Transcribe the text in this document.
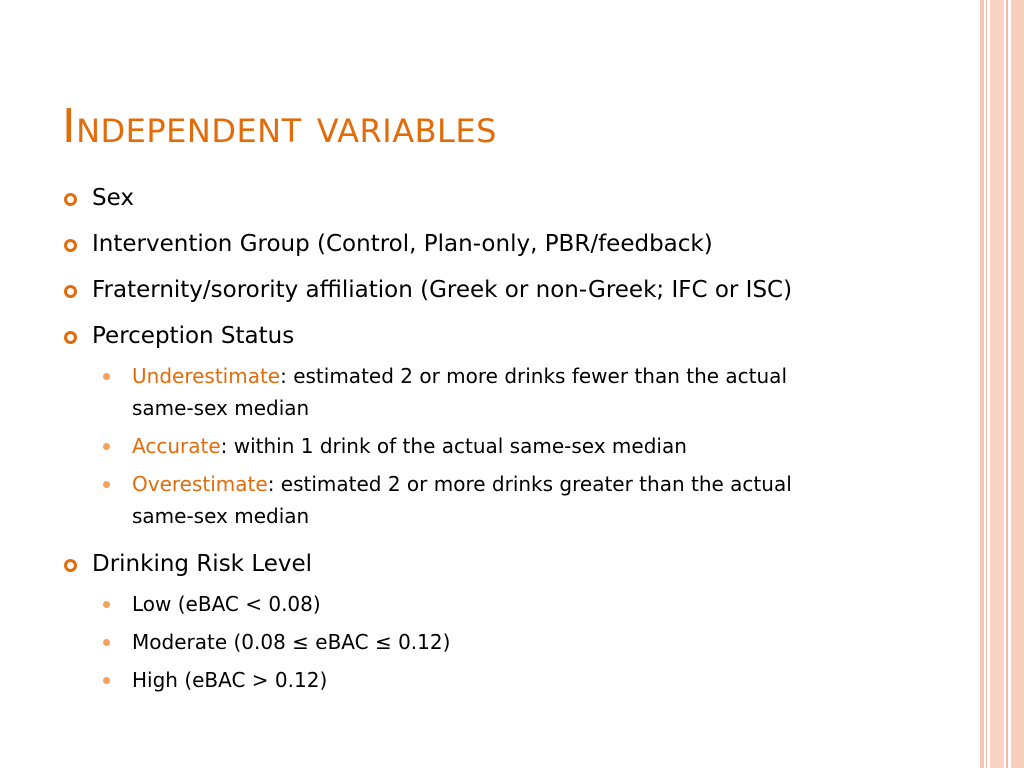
Independent variables
Sex
Intervention Group (Control, Plan-only, PBR/feedback)
Fraternity/sorority affiliation (Greek or non-Greek; IFC or ISC)
Perception Status
Underestimate: estimated 2 or more drinks fewer than the actual same-sex median
Accurate: within 1 drink of the actual same-sex median
Overestimate: estimated 2 or more drinks greater than the actual same-sex median
Drinking Risk Level
Low (eBAC < 0.08)
Moderate (0.08 ≤ eBAC ≤ 0.12)
High (eBAC > 0.12)
